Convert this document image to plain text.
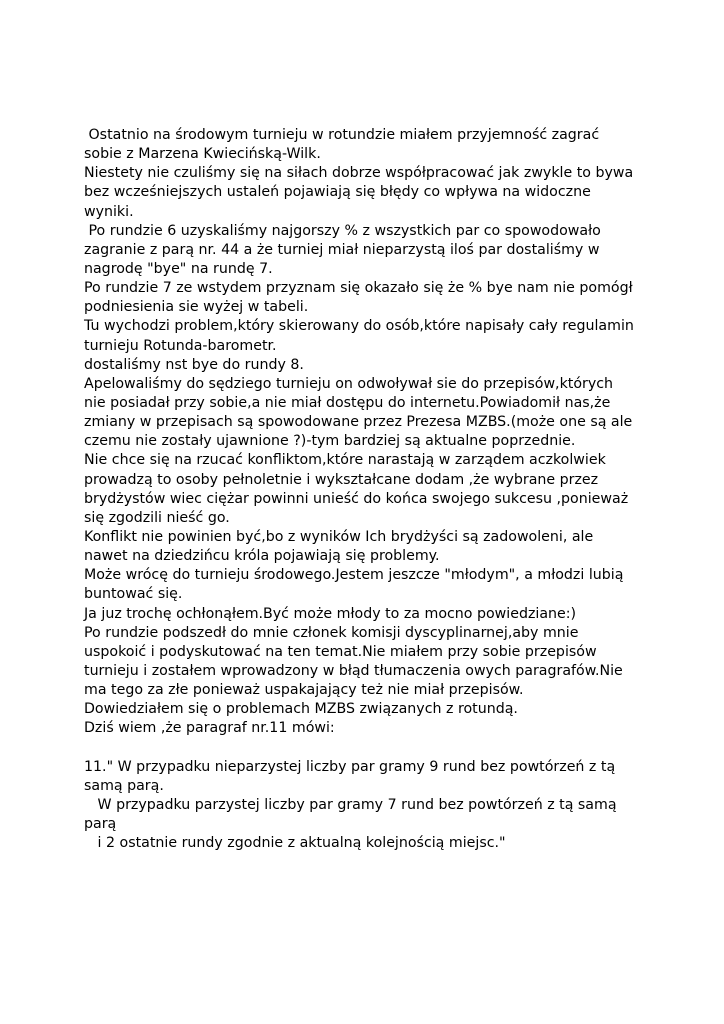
Ostatnio na środowym turnieju w rotundzie miałem przyjemność zagrać
sobie z Marzena Kwiecińską-Wilk.
Niestety nie czuliśmy się na siłach dobrze współpracować jak zwykle to bywa
bez wcześniejszych ustaleń pojawiają się błędy co wpływa na widoczne
wyniki.
Po rundzie 6 uzyskaliśmy najgorszy % z wszystkich par co spowodowało
zagranie z parą nr. 44 a że turniej miał nieparzystą iloś par dostaliśmy w
nagrodę "bye" na rundę 7.
Po rundzie 7 ze wstydem przyznam się okazało się że % bye nam nie pomógł
podniesienia sie wyżej w tabeli.
Tu wychodzi problem,który skierowany do osób,które napisały cały regulamin
turnieju Rotunda-barometr.
dostaliśmy nst bye do rundy 8.
Apelowaliśmy do sędziego turnieju on odwoływał sie do przepisów,których
nie posiadał przy sobie,a nie miał dostępu do internetu.Powiadomił nas,że
zmiany w przepisach są spowodowane przez Prezesa MZBS.(może one są ale
czemu nie zostały ujawnione ?)-tym bardziej są aktualne poprzednie.
Nie chce się na rzucać konfliktom,które narastają w zarządem aczkolwiek
prowadzą to osoby pełnoletnie i wykształcane dodam ,że wybrane przez
brydżystów wiec ciężar powinni unieść do końca swojego sukcesu ,ponieważ
się zgodzili nieść go.
Konflikt nie powinien być,bo z wyników Ich brydżyści są zadowoleni, ale
nawet na dziedzińcu króla pojawiają się problemy.
Może wrócę do turnieju środowego.Jestem jeszcze "młodym", a młodzi lubią
buntować się.
Ja juz trochę ochłonąłem.Być może młody to za mocno powiedziane:)
Po rundzie podszedł do mnie członek komisji dyscyplinarnej,aby mnie
uspokoić i podyskutować na ten temat.Nie miałem przy sobie przepisów
turnieju i zostałem wprowadzony w błąd tłumaczenia owych paragrafów.Nie
ma tego za złe ponieważ uspakajający też nie miał przepisów.
Dowiedziałem się o problemach MZBS związanych z rotundą.
Dziś wiem ,że paragraf nr.11 mówi:
11." W przypadku nieparzystej liczby par gramy 9 rund bez powtórzeń z tą
samą parą.
W przypadku parzystej liczby par gramy 7 rund bez powtórzeń z tą samą
parą
i 2 ostatnie rundy zgodnie z aktualną kolejnością miejsc."
